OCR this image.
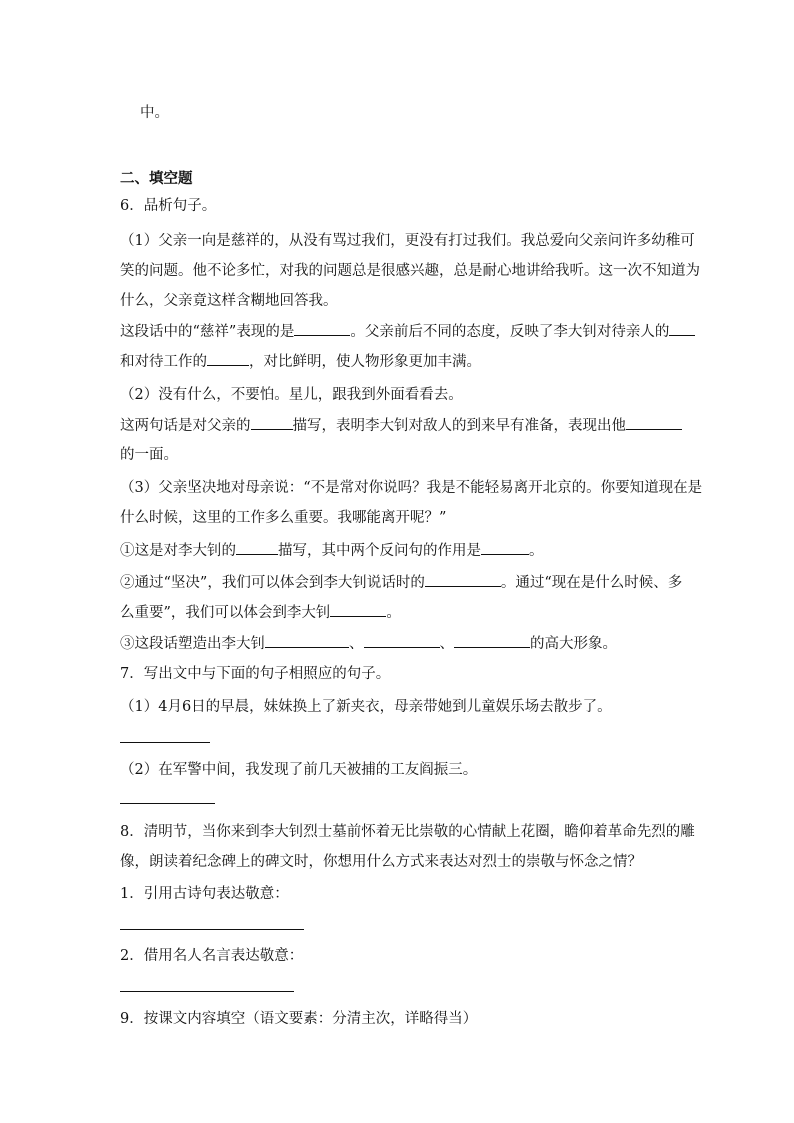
中。
二、填空题
6．品析句子。
（1）父亲一向是慈祥的，从没有骂过我们，更没有打过我们。我总爱向父亲问许多幼稚可
笑的问题。他不论多忙，对我的问题总是很感兴趣，总是耐心地讲给我听。这一次不知道为
什么，父亲竟这样含糊地回答我。
这段话中的“慈祥”表现的是	。父亲前后不同的态度，反映了李大钊对待亲人的
和对待工作的	，对比鲜明，使人物形象更加丰满。
（2）没有什么，不要怕。星儿，跟我到外面看看去。
这两句话是对父亲的	描写，表明李大钊对敌人的到来早有准备，表现出他
的一面。
（3）父亲坚决地对母亲说：“不是常对你说吗？我是不能轻易离开北京的。你要知道现在是
什么时候，这里的工作多么重要。我哪能离开呢？”
①这是对李大钊的	描写，其中两个反问句的作用是	。
②通过“坚决”，我们可以体会到李大钊说话时的	。通过“现在是什么时候、多
么重要”，我们可以体会到李大钊	。
③这段话塑造出李大钊	、	、	的高大形象。
7．写出文中与下面的句子相照应的句子。
（1）4月6日的早晨，妹妹换上了新夹衣，母亲带她到儿童娱乐场去散步了。
（2）在军警中间，我发现了前几天被捕的工友阎振三。
8．清明节，当你来到李大钊烈士墓前怀着无比崇敬的心情献上花圈，瞻仰着革命先烈的雕
像，朗读着纪念碑上的碑文时，你想用什么方式来表达对烈士的崇敬与怀念之情？
1．引用古诗句表达敬意：
2．借用名人名言表达敬意：
9．按课文内容填空（语文要素：分清主次，详略得当）
